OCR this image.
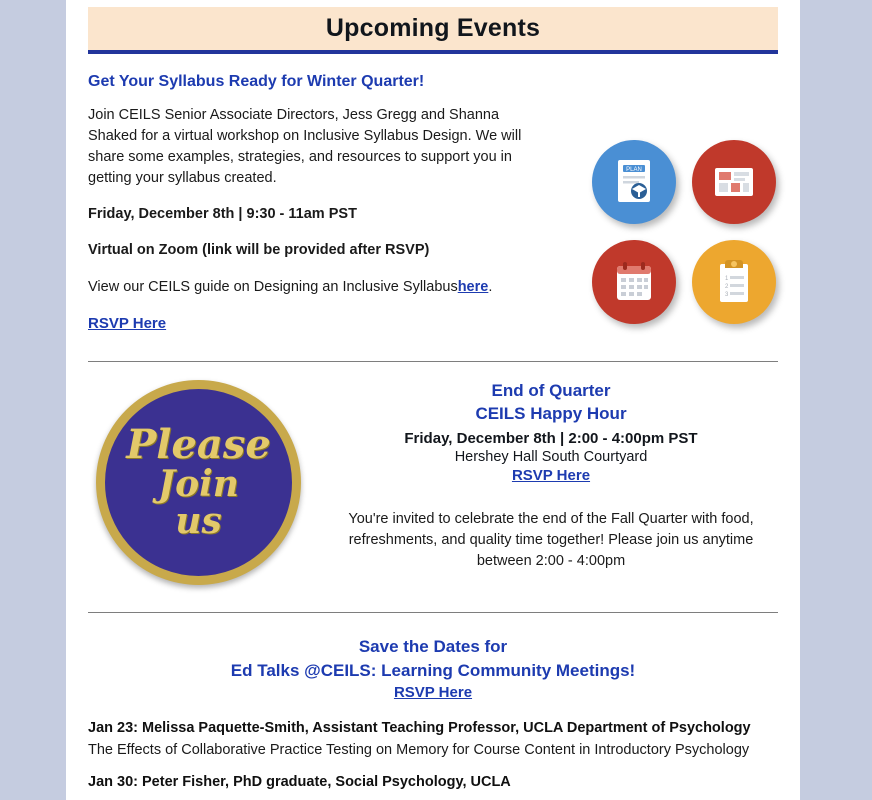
Upcoming Events
Get Your Syllabus Ready for Winter Quarter!

Join CEILS Senior Associate Directors, Jess Gregg and Shanna Shaked for a virtual workshop on Inclusive Syllabus Design. We will share some examples, strategies, and resources to support you in getting your syllabus created.

Friday, December 8th | 9:30 - 11am PST

Virtual on Zoom (link will be provided after RSVP)

View our CEILS guide on Designing an Inclusive Syllabushere.

RSVP Here
PLAN
1
2
3
Please
Join
us
End of Quarter
CEILS Happy Hour
Friday, December 8th | 2:00 - 4:00pm PST
Hershey Hall South Courtyard
RSVP Here
You're invited to celebrate the end of the Fall Quarter with food, refreshments, and quality time together! Please join us anytime between 2:00 - 4:00pm
Save the Dates for
Ed Talks @CEILS: Learning Community Meetings!
RSVP Here
Jan 23: Melissa Paquette-Smith, Assistant Teaching Professor, UCLA Department of Psychology
The Effects of Collaborative Practice Testing on Memory for Course Content in Introductory Psychology
Jan 30: Peter Fisher, PhD graduate, Social Psychology, UCLA
